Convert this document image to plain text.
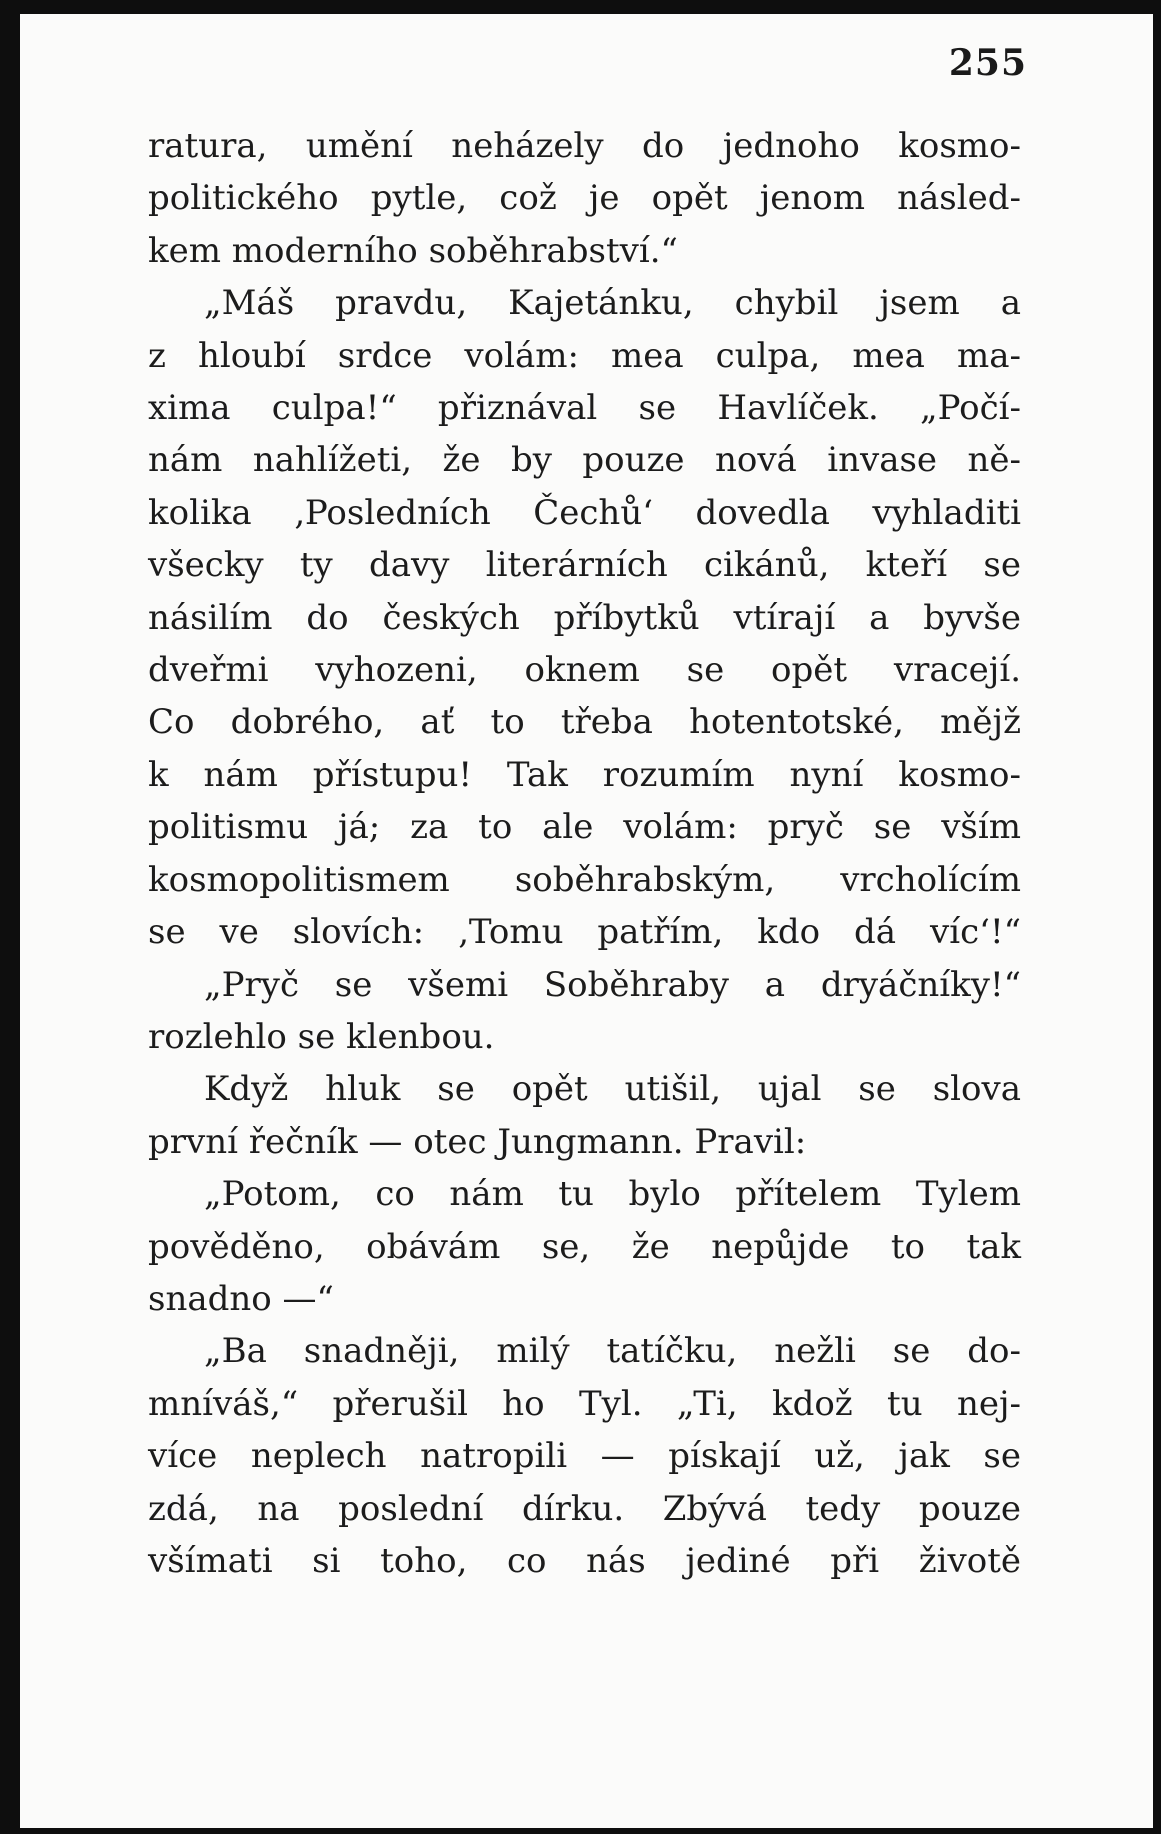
255
ratura, umění neházely do jednoho kosmo-
politického pytle, což je opět jenom násled-
kem moderního soběhrabství.“
„Máš pravdu, Kajetánku, chybil jsem a
z hloubí srdce volám: mea culpa, mea ma-
xima culpa!“ přiznával se Havlíček. „Počí-
nám nahlížeti, že by pouze nová invase ně-
kolika ‚Posledních Čechů‘ dovedla vyhladiti
všecky ty davy literárních cikánů, kteří se
násilím do českých příbytků vtírají a byvše
dveřmi vyhozeni, oknem se opět vracejí.
Co dobrého, ať to třeba hotentotské, mějž
k nám přístupu! Tak rozumím nyní kosmo-
politismu já; za to ale volám: pryč se vším
kosmopolitismem soběhrabským, vrcholícím
se ve slovích: ‚Tomu patřím, kdo dá víc‘!“
„Pryč se všemi Soběhraby a dryáčníky!“
rozlehlo se klenbou.
Když hluk se opět utišil, ujal se slova
první řečník — otec Jungmann. Pravil:
„Potom, co nám tu bylo přítelem Tylem
pověděno, obávám se, že nepůjde to tak
snadno —“
„Ba snadněji, milý tatíčku, nežli se do-
mníváš,“ přerušil ho Tyl. „Ti, kdož tu nej-
více neplech natropili — pískají už, jak se
zdá, na poslední dírku. Zbývá tedy pouze
všímati si toho, co nás jediné při životě
